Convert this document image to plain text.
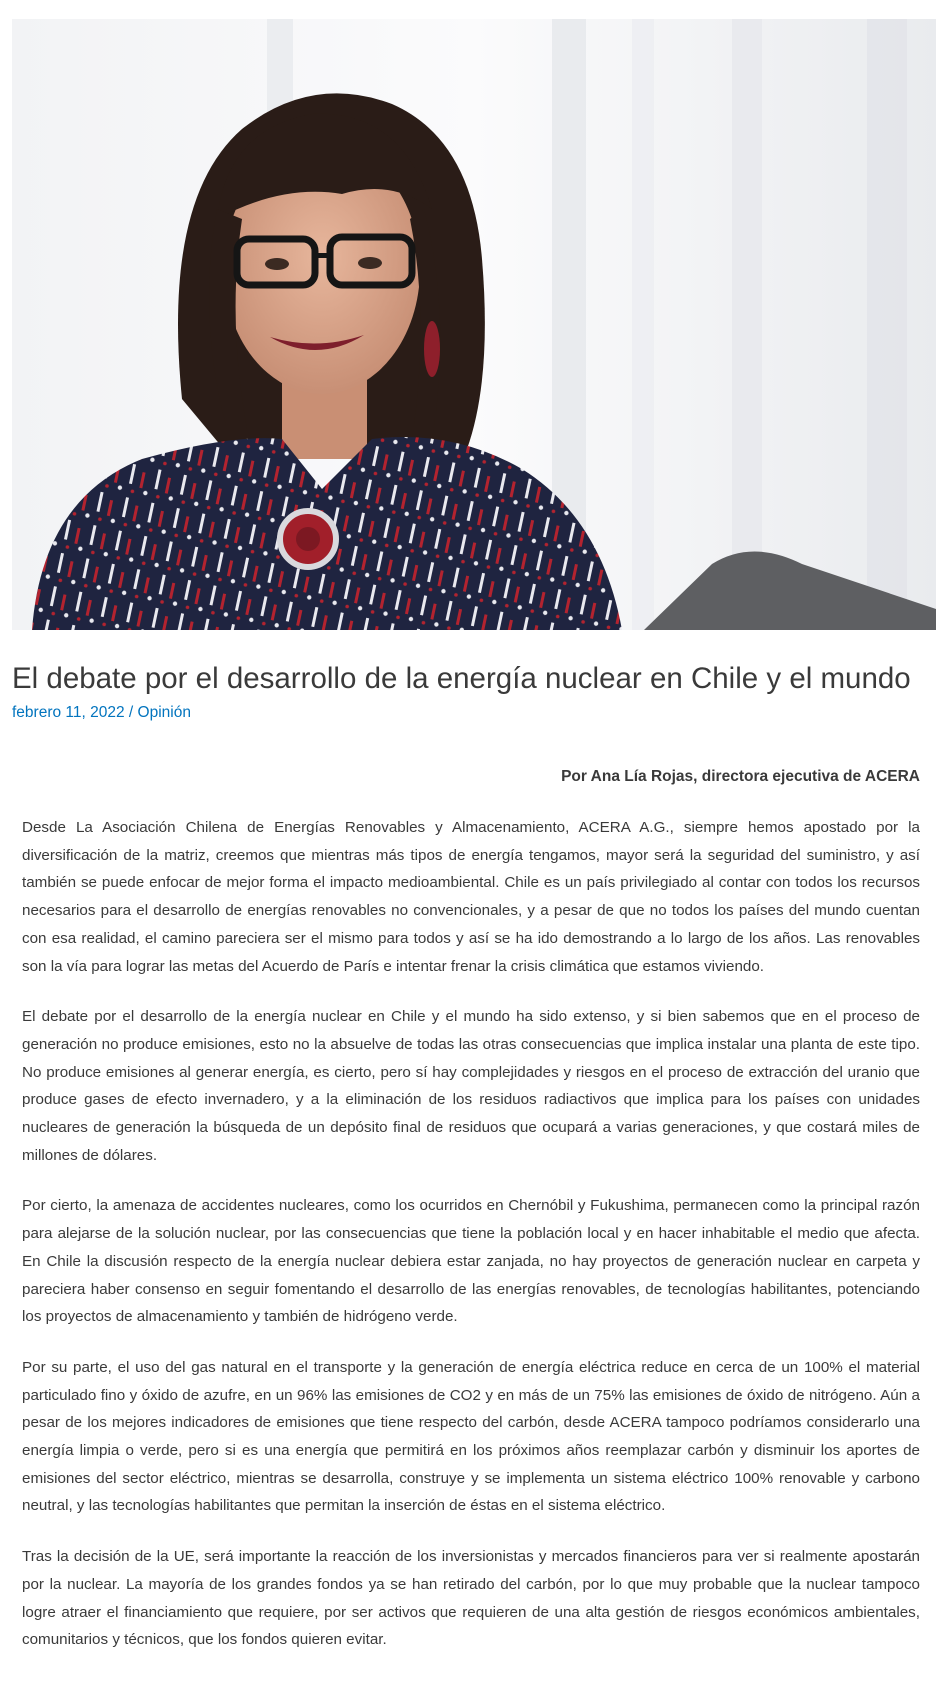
El debate por el desarrollo de la energía nuclear en Chile y el mundo
febrero 11, 2022 / Opinión
Por Ana Lía Rojas, directora ejecutiva de ACERA

Desde La Asociación Chilena de Energías Renovables y Almacenamiento, ACERA A.G., siempre hemos apostado por la diversificación de la matriz, creemos que mientras más tipos de energía tengamos, mayor será la seguridad del suministro, y así también se puede enfocar de mejor forma el impacto medioambiental. Chile es un país privilegiado al contar con todos los recursos necesarios para el desarrollo de energías renovables no convencionales, y a pesar de que no todos los países del mundo cuentan con esa realidad, el camino pareciera ser el mismo para todos y así se ha ido demostrando a lo largo de los años. Las renovables son la vía para lograr las metas del Acuerdo de París e intentar frenar la crisis climática que estamos viviendo.

El debate por el desarrollo de la energía nuclear en Chile y el mundo ha sido extenso, y si bien sabemos que en el proceso de generación no produce emisiones, esto no la absuelve de todas las otras consecuencias que implica instalar una planta de este tipo. No produce emisiones al generar energía, es cierto, pero sí hay complejidades y riesgos en el proceso de extracción del uranio que produce gases de efecto invernadero, y a la eliminación de los residuos radiactivos que implica para los países con unidades nucleares de generación la búsqueda de un depósito final de residuos que ocupará a varias generaciones, y que costará miles de millones de dólares.

Por cierto, la amenaza de accidentes nucleares, como los ocurridos en Chernóbil y Fukushima, permanecen como la principal razón para alejarse de la solución nuclear, por las consecuencias que tiene la población local y en hacer inhabitable el medio que afecta. En Chile la discusión respecto de la energía nuclear debiera estar zanjada, no hay proyectos de generación nuclear en carpeta y pareciera haber consenso en seguir fomentando el desarrollo de las energías renovables, de tecnologías habilitantes, potenciando los proyectos de almacenamiento y también de hidrógeno verde.

Por su parte, el uso del gas natural en el transporte y la generación de energía eléctrica reduce en cerca de un 100% el material particulado fino y óxido de azufre, en un 96% las emisiones de CO2 y en más de un 75% las emisiones de óxido de nitrógeno. Aún a pesar de los mejores indicadores de emisiones que tiene respecto del carbón, desde ACERA tampoco podríamos considerarlo una energía limpia o verde, pero si es una energía que permitirá en los próximos años reemplazar carbón y disminuir los aportes de emisiones del sector eléctrico, mientras se desarrolla, construye y se implementa un sistema eléctrico 100% renovable y carbono neutral, y las tecnologías habilitantes que permitan la inserción de éstas en el sistema eléctrico.

Tras la decisión de la UE, será importante la reacción de los inversionistas y mercados financieros para ver si realmente apostarán por la nuclear. La mayoría de los grandes fondos ya se han retirado del carbón, por lo que muy probable que la nuclear tampoco logre atraer el financiamiento que requiere, por ser activos que requieren de una alta gestión de riesgos económicos ambientales, comunitarios y técnicos, que los fondos quieren evitar.
